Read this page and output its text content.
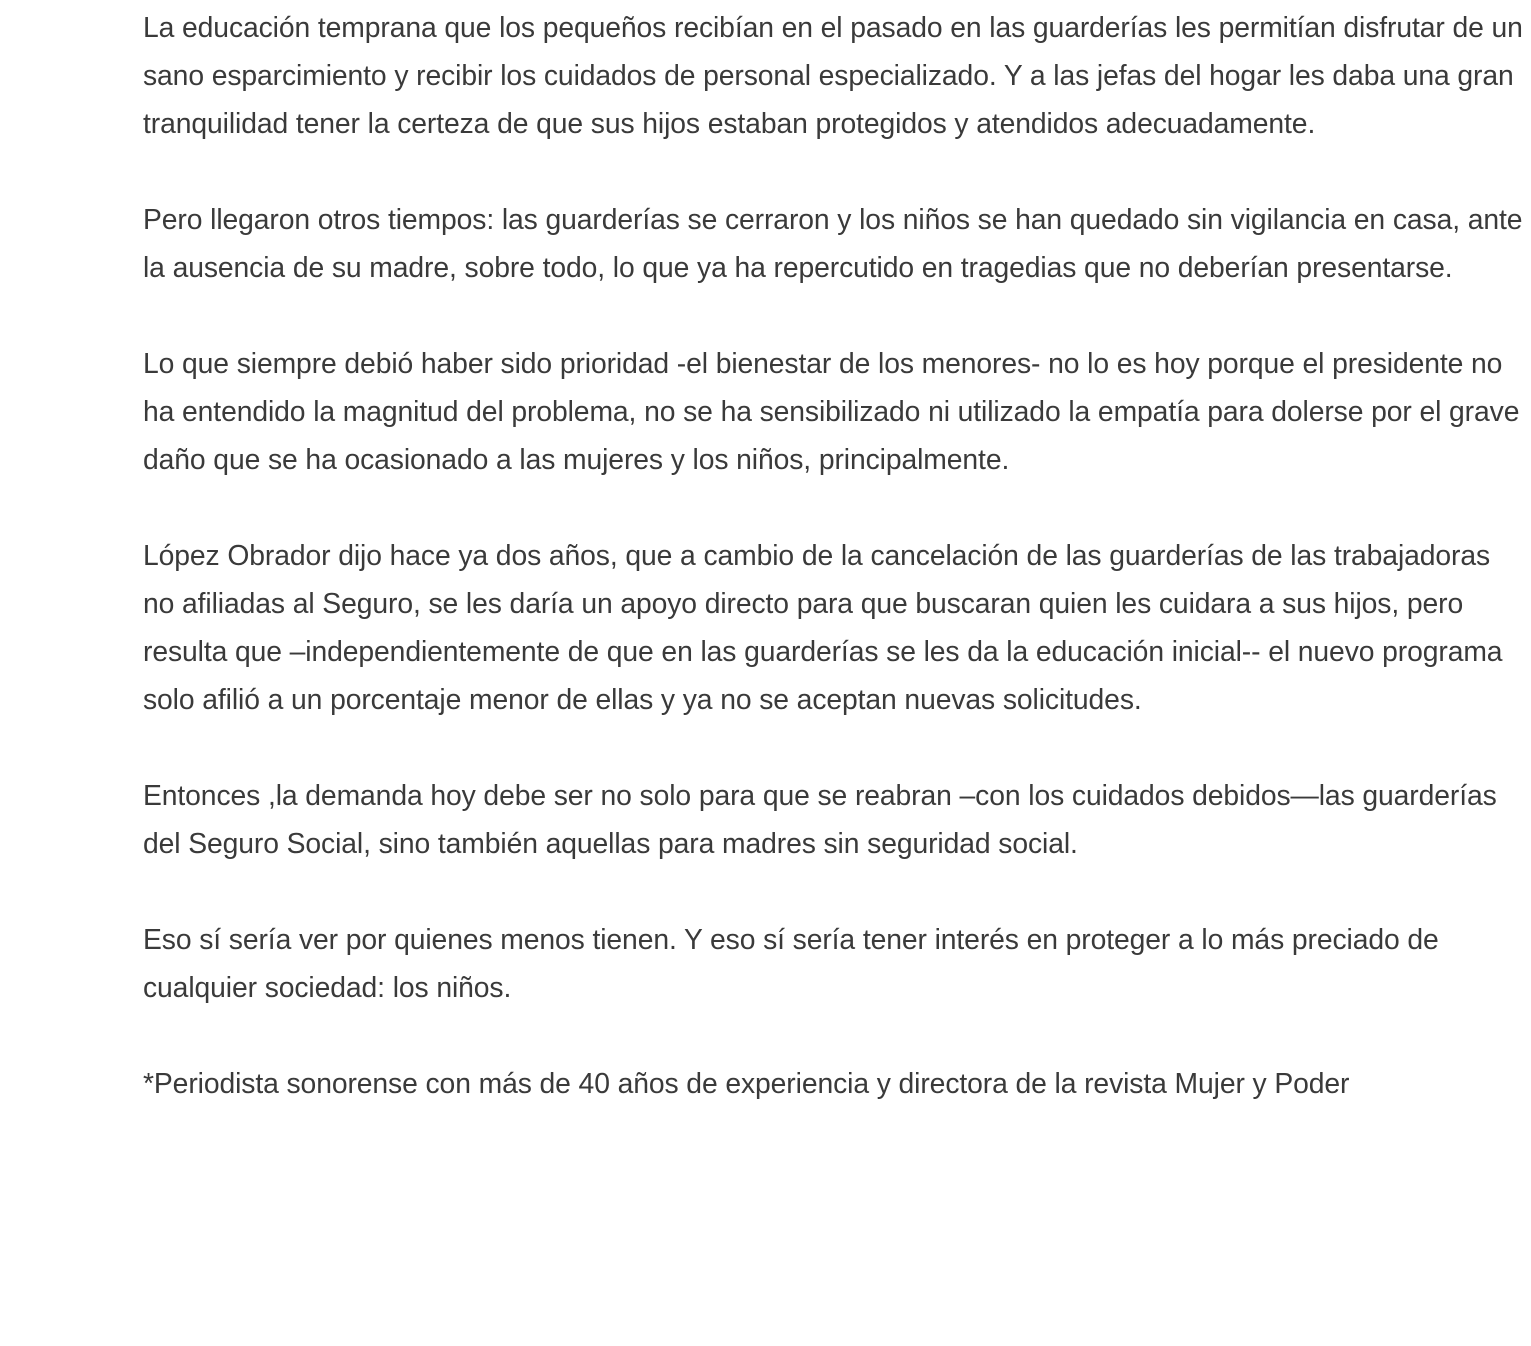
La educación temprana que los pequeños recibían en el pasado en las guarderías les permitían disfrutar de un sano esparcimiento y recibir los cuidados de personal especializado. Y a las jefas del hogar les daba una gran tranquilidad tener la certeza de que sus hijos estaban protegidos y atendidos adecuadamente.

Pero llegaron otros tiempos: las guarderías se cerraron y los niños se han quedado sin vigilancia en casa, ante la ausencia de su madre, sobre todo, lo que ya ha repercutido en tragedias que no deberían presentarse.

Lo que siempre debió haber sido prioridad -el bienestar de los menores- no lo es hoy porque el presidente no ha entendido la magnitud del problema, no se ha sensibilizado ni utilizado la empatía para dolerse por el grave daño que se ha ocasionado a las mujeres y los niños, principalmente.

López Obrador dijo hace ya dos años, que a cambio de la cancelación de las guarderías de las trabajadoras no afiliadas al Seguro, se les daría un apoyo directo para que buscaran quien les cuidara a sus hijos, pero resulta que –independientemente de que en las guarderías se les da la educación inicial-- el nuevo programa solo afilió a un porcentaje menor de ellas y ya no se aceptan nuevas solicitudes.

Entonces ,la demanda hoy debe ser no solo para que se reabran –con los cuidados debidos—las guarderías del Seguro Social, sino también aquellas para madres sin seguridad social.

Eso sí sería ver por quienes menos tienen. Y eso sí sería tener interés en proteger a lo más preciado de cualquier sociedad: los niños.

*Periodista sonorense con más de 40 años de experiencia y directora de la revista Mujer y Poder
